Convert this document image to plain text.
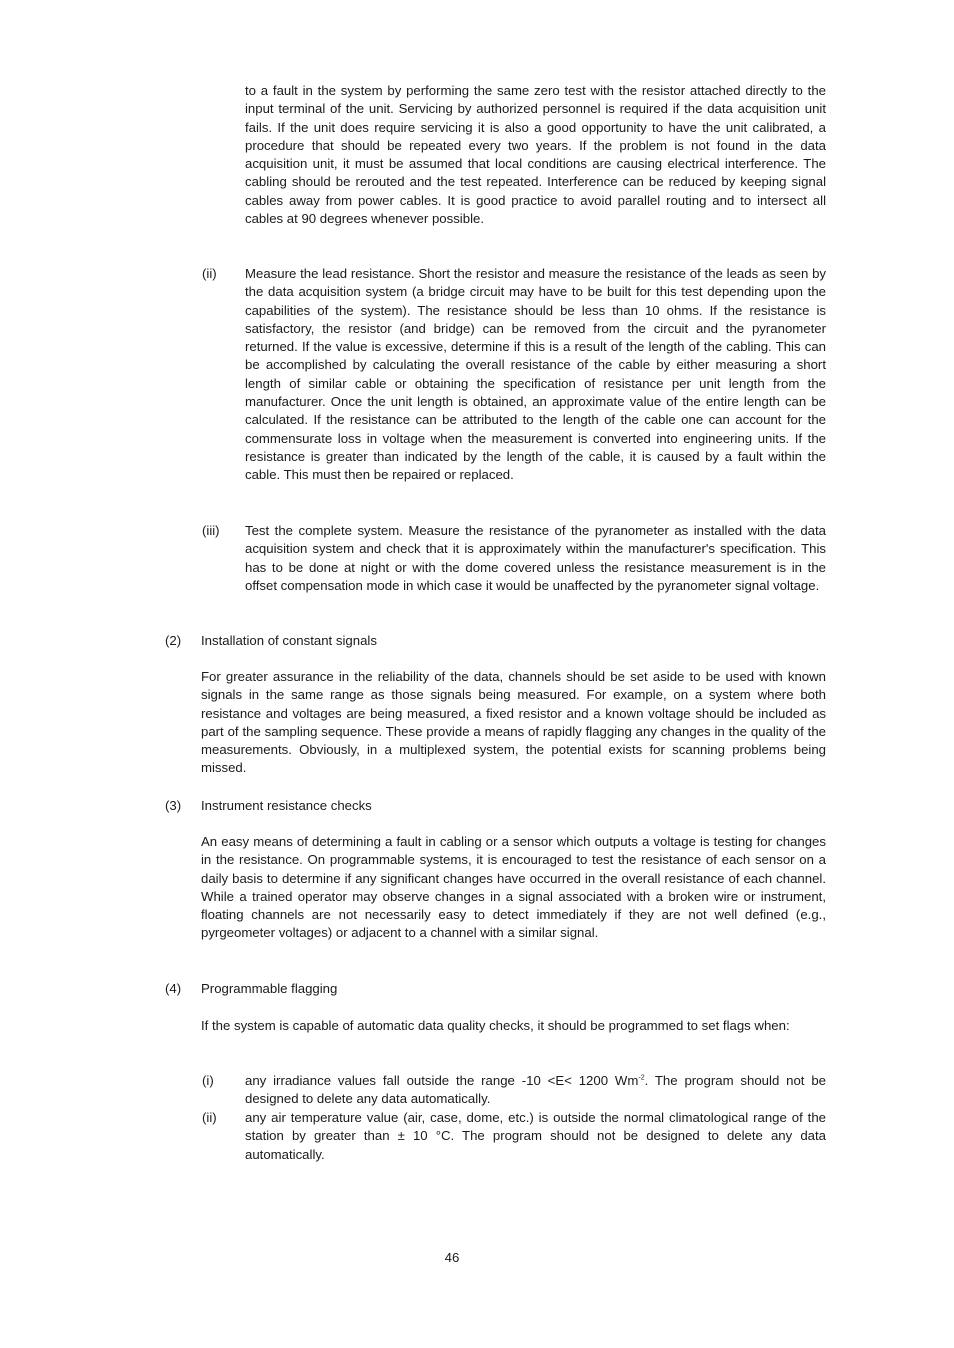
to a fault in the system by performing the same zero test with the resistor attached directly to the input terminal of the unit. Servicing by authorized personnel is required if the data acquisition unit fails. If the unit does require servicing it is also a good opportunity to have the unit calibrated, a procedure that should be repeated every two years. If the problem is not found in the data acquisition unit, it must be assumed that local conditions are causing electrical interference. The cabling should be rerouted and the test repeated. Interference can be reduced by keeping signal cables away from power cables. It is good practice to avoid parallel routing and to intersect all cables at 90 degrees whenever possible.

(ii) Measure the lead resistance. Short the resistor and measure the resistance of the leads as seen by the data acquisition system (a bridge circuit may have to be built for this test depending upon the capabilities of the system). The resistance should be less than 10 ohms. If the resistance is satisfactory, the resistor (and bridge) can be removed from the circuit and the pyranometer returned. If the value is excessive, determine if this is a result of the length of the cabling. This can be accomplished by calculating the overall resistance of the cable by either measuring a short length of similar cable or obtaining the specification of resistance per unit length from the manufacturer. Once the unit length is obtained, an approximate value of the entire length can be calculated. If the resistance can be attributed to the length of the cable one can account for the commensurate loss in voltage when the measurement is converted into engineering units. If the resistance is greater than indicated by the length of the cable, it is caused by a fault within the cable. This must then be repaired or replaced.

(iii) Test the complete system. Measure the resistance of the pyranometer as installed with the data acquisition system and check that it is approximately within the manufacturer's specification. This has to be done at night or with the dome covered unless the resistance measurement is in the offset compensation mode in which case it would be unaffected by the pyranometer signal voltage.

(2) Installation of constant signals

For greater assurance in the reliability of the data, channels should be set aside to be used with known signals in the same range as those signals being measured. For example, on a system where both resistance and voltages are being measured, a fixed resistor and a known voltage should be included as part of the sampling sequence. These provide a means of rapidly flagging any changes in the quality of the measurements. Obviously, in a multiplexed system, the potential exists for scanning problems being missed.

(3) Instrument resistance checks

An easy means of determining a fault in cabling or a sensor which outputs a voltage is testing for changes in the resistance. On programmable systems, it is encouraged to test the resistance of each sensor on a daily basis to determine if any significant changes have occurred in the overall resistance of each channel. While a trained operator may observe changes in a signal associated with a broken wire or instrument, floating channels are not necessarily easy to detect immediately if they are not well defined (e.g., pyrgeometer voltages) or adjacent to a channel with a similar signal.

(4) Programmable flagging

If the system is capable of automatic data quality checks, it should be programmed to set flags when:

(i) any irradiance values fall outside the range -10 <E< 1200 $Wm^{-2}$. The program should not be designed to delete any data automatically.

(ii) any air temperature value (air, case, dome, etc.) is outside the normal climatological range of the station by greater than ± 10 °C. The program should not be designed to delete any data automatically.

46
